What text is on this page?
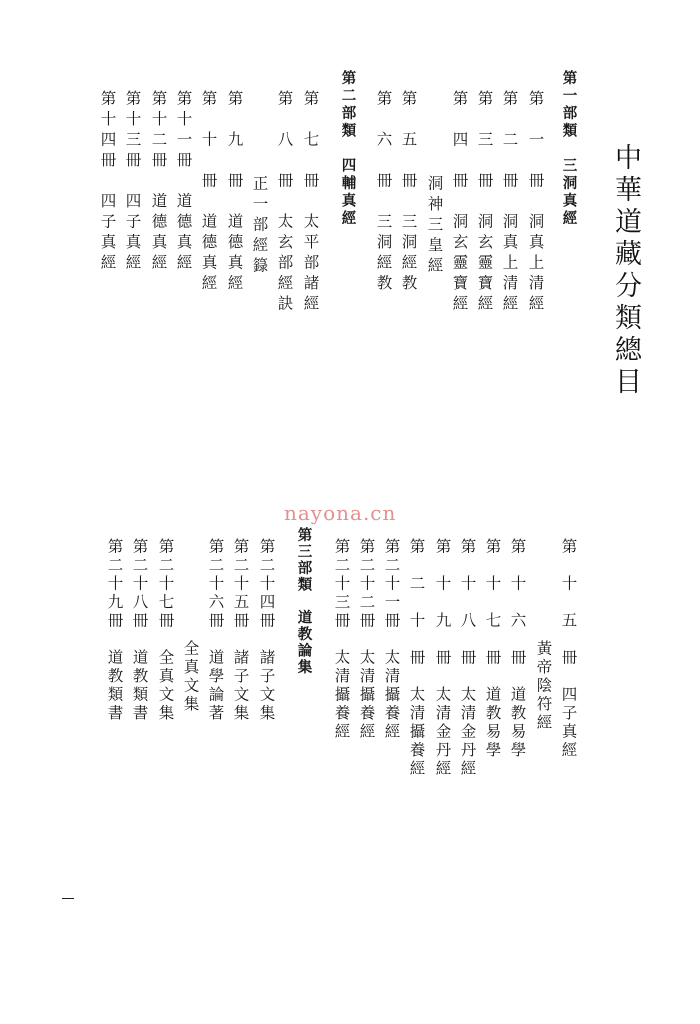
中華道藏分類總目
第一部類　三洞真經
第　一　冊　洞真上清經
第　二　冊　洞真上清經
第　三　冊　洞玄靈寶經
第　四　冊　洞玄靈寶經
洞神三皇經
第　五　冊　三洞經教
第　六　冊　三洞經教
第二部類　四輔真經
第　七　冊　太平部諸經
第　八　冊　太玄部經訣
正一部經籙
第　九　冊　道德真經
第　十　冊　道德真經
第十一冊　道德真經
第十二冊　道德真經
第十三冊　四子真經
第十四冊　四子真經
nayona.cn
第　十　五　冊　四子真經
黃帝陰符經
第　十　六　冊　道教易學
第　十　七　冊　道教易學
第　十　八　冊　太清金丹經
第　十　九　冊　太清金丹經
第　二　十　冊　太清攝養經
第二十一冊　太清攝養經
第二十二冊　太清攝養經
第二十三冊　太清攝養經
第三部類　道教論集
第二十四冊　諸子文集
第二十五冊　諸子文集
第二十六冊　道學論著
全真文集
第二十七冊　全真文集
第二十八冊　道教類書
第二十九冊　道教類書
